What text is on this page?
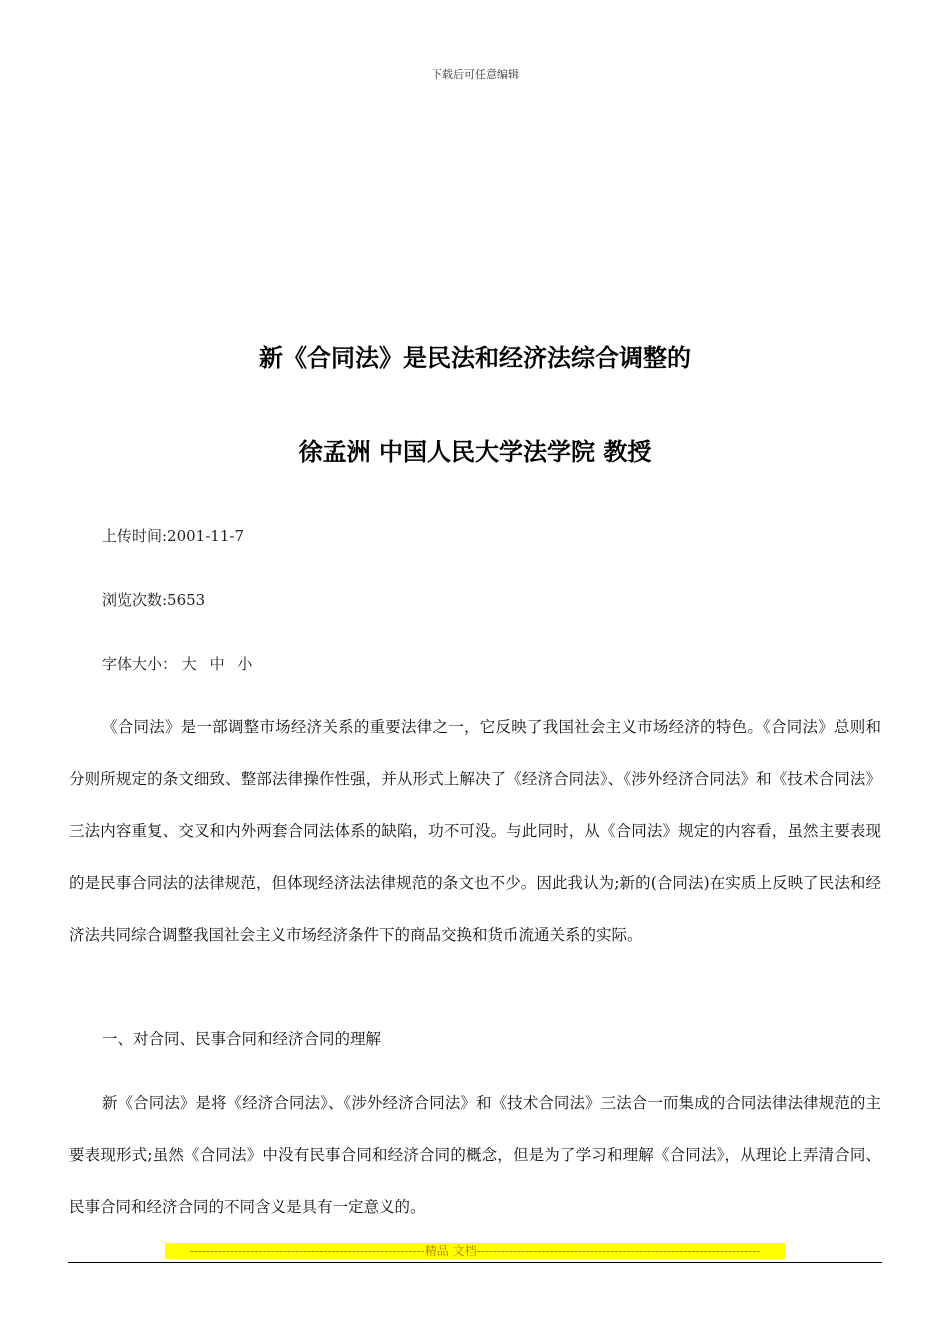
下载后可任意编辑
新《合同法》是民法和经济法综合调整的
徐孟洲 中国人民大学法学院 教授
上传时间:2001-11-7
浏览次数:5653
字体大小： 大 中 小

《合同法》是一部调整市场经济关系的重要法律之一，它反映了我国社会主义市场经济的特色。《合同法》总则和分则所规定的条文细致、整部法律操作性强，并从形式上解决了《经济合同法》、《涉外经济合同法》和《技术合同法》三法内容重复、交叉和内外两套合同法体系的缺陷，功不可没。与此同时，从《合同法》规定的内容看，虽然主要表现的是民事合同法的法律规范，但体现经济法法律规范的条文也不少。因此我认为;新的(合同法)在实质上反映了民法和经济法共同综合调整我国社会主义市场经济条件下的商品交换和货币流通关系的实际。

一、对合同、民事合同和经济合同的理解

新《合同法》是将《经济合同法》、《涉外经济合同法》和《技术合同法》三法合一而集成的合同法律法律规范的主要表现形式;虽然《合同法》中没有民事合同和经济合同的概念，但是为了学习和理解《合同法》，从理论上弄清合同、民事合同和经济合同的不同含义是具有一定意义的。

----------------------------------------------------------精品 文档----------------------------------------------------------------------
